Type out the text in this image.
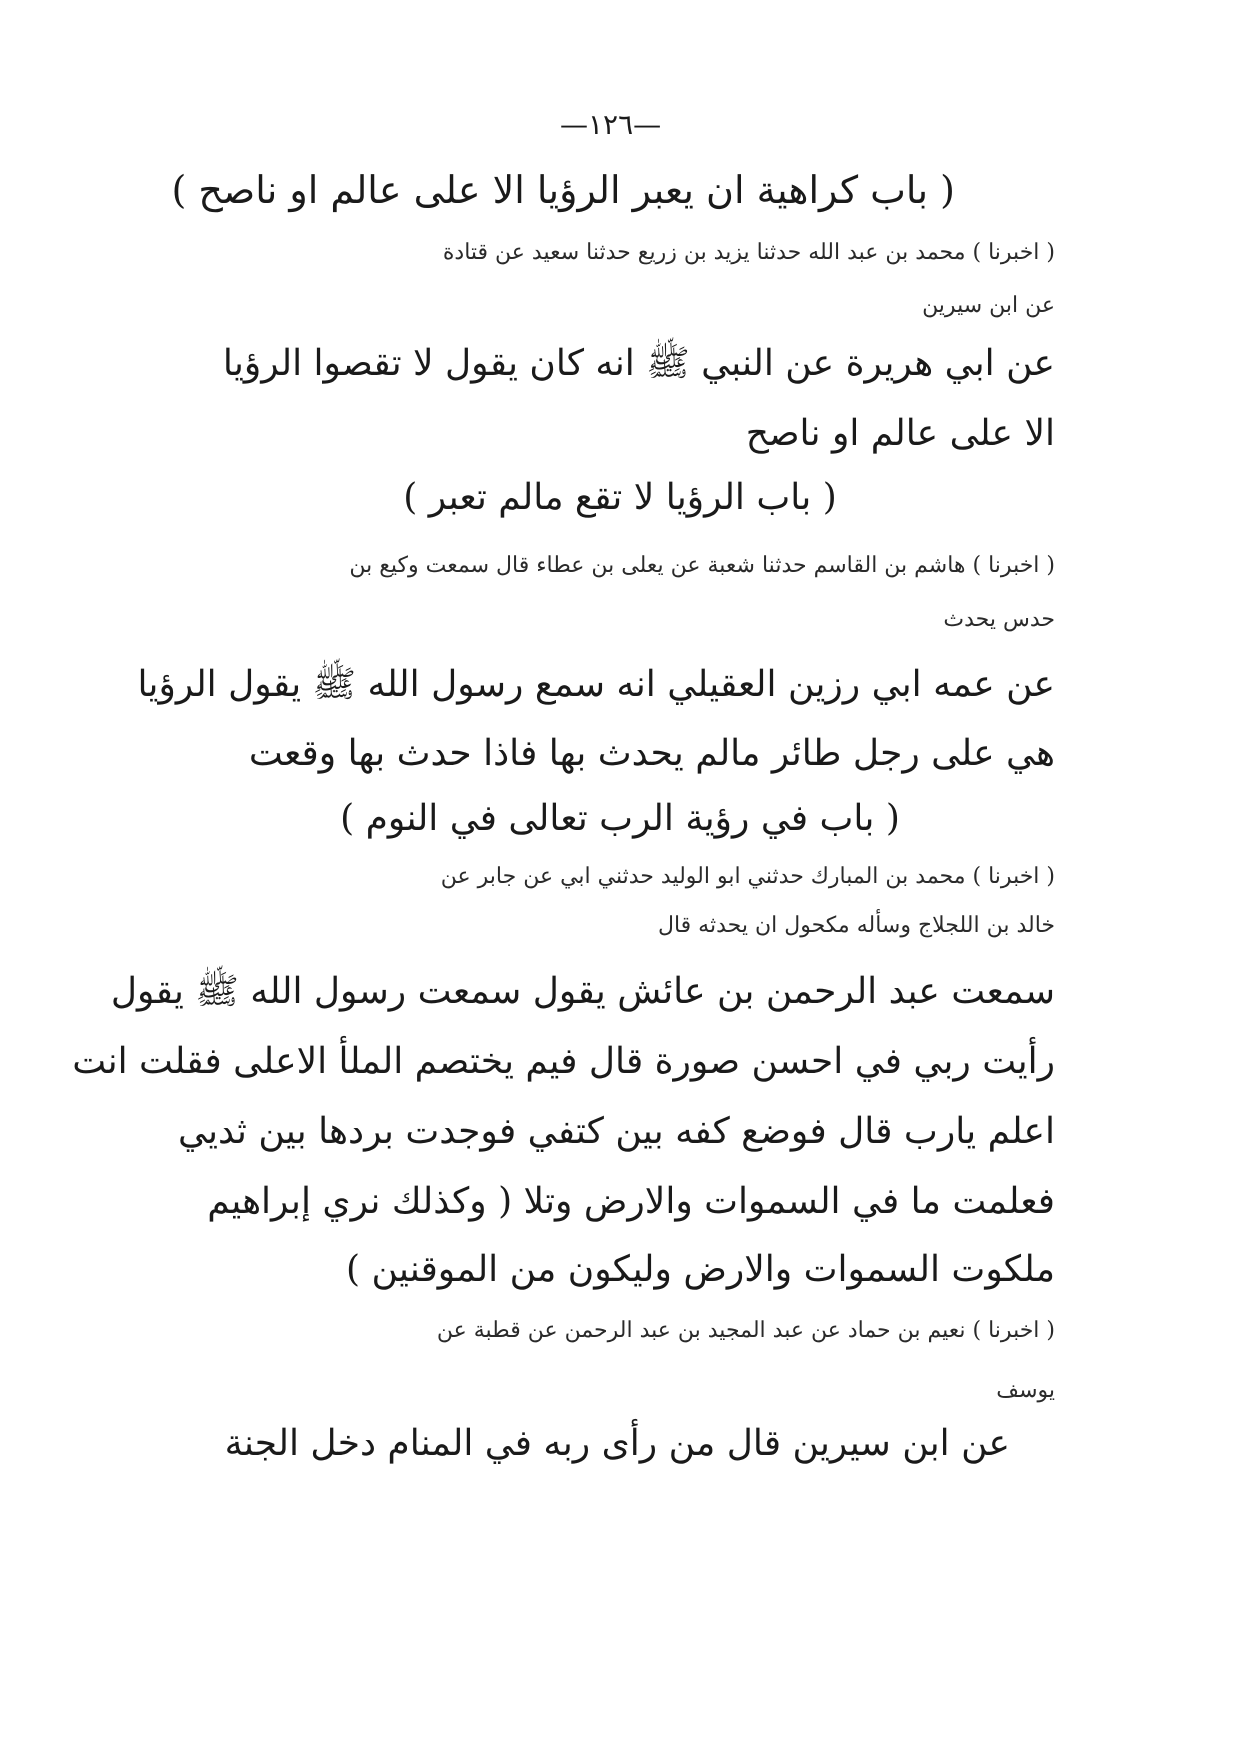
—١٢٦—

( باب كراهية ان يعبر الرؤيا الا على عالم او ناصح )

( اخبرنا ) محمد بن عبد الله حدثنا يزيد بن زريع حدثنا سعيد عن قتادة

عن ابن سيرين

عن ابي هريرة عن النبي ﷺ انه كان يقول لا تقصوا الرؤيا

الا على عالم او ناصح

( باب الرؤيا لا تقع مالم تعبر )

( اخبرنا ) هاشم بن القاسم حدثنا شعبة عن يعلى بن عطاء قال سمعت وكيع بن

حدس يحدث

عن عمه ابي رزين العقيلي انه سمع رسول الله ﷺ يقول الرؤيا

هي على رجل طائر مالم يحدث بها فاذا حدث بها وقعت

( باب في رؤية الرب تعالى في النوم )

( اخبرنا ) محمد بن المبارك حدثني ابو الوليد حدثني ابي عن جابر عن

خالد بن اللجلاج وسأله مكحول ان يحدثه قال

سمعت عبد الرحمن بن عائش يقول سمعت رسول الله ﷺ يقول

رأيت ربي في احسن صورة قال فيم يختصم الملأ الاعلى فقلت انت

اعلم يارب قال فوضع كفه بين كتفي فوجدت بردها بين ثديي

فعلمت ما في السموات والارض وتلا ( وكذلك نري إبراهيم

ملكوت السموات والارض وليكون من الموقنين )

( اخبرنا ) نعيم بن حماد عن عبد المجيد بن عبد الرحمن عن قطبة عن

يوسف

عن ابن سيرين قال من رأى ربه في المنام دخل الجنة
